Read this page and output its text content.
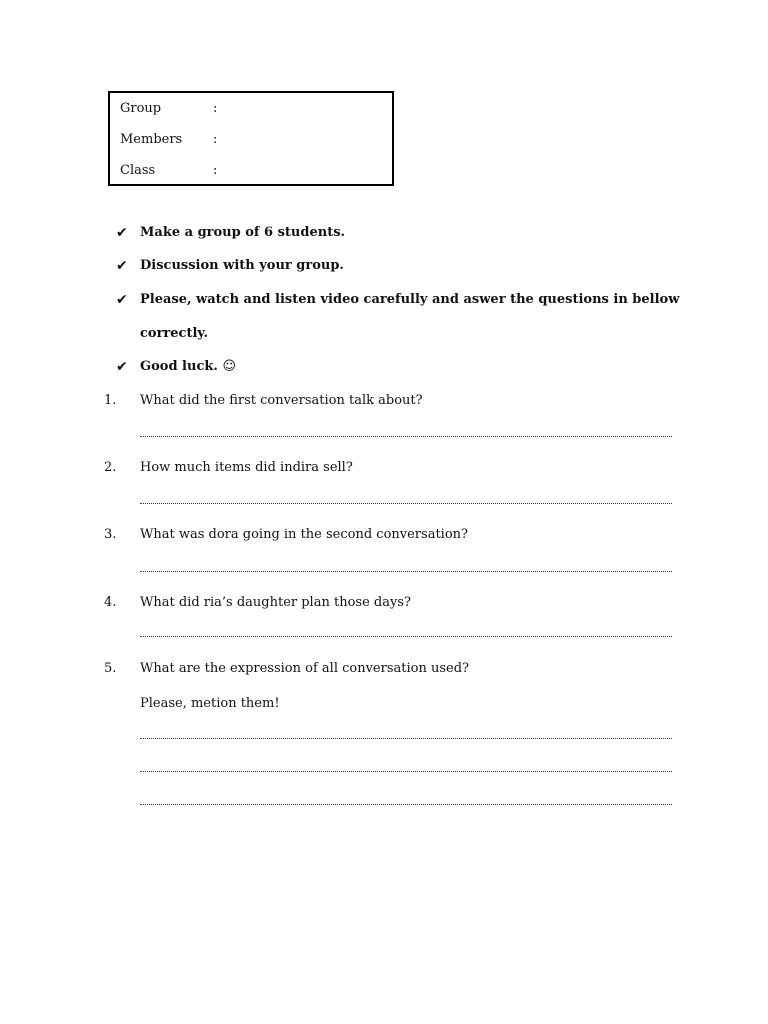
Group	:
Members :
Class	:
✔ Make a group of 6 students.
✔ Discussion with your group.
✔ Please, watch and listen video carefully and aswer the questions in bellow
correctly.
✔ Good luck. ☺
1. What did the first conversation talk about?
2. How much items did indira sell?
3. What was dora going in the second conversation?
4. What did ria’s daughter plan those days?
5. What are the expression of all conversation used?
Please, metion them!
